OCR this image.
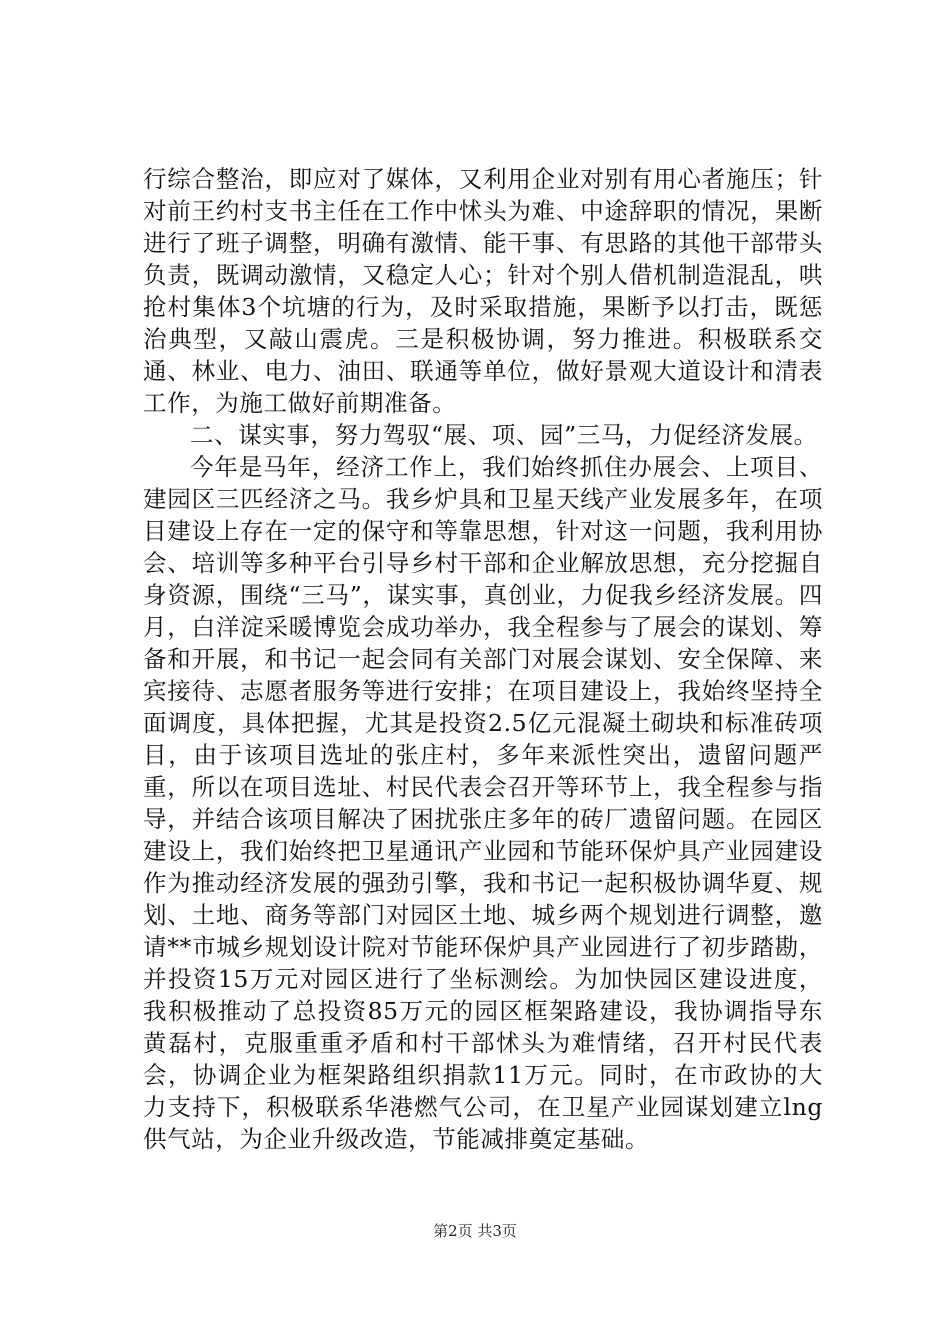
行综合整治，即应对了媒体，又利用企业对别有用心者施压；针对前王约村支书主任在工作中怵头为难、中途辞职的情况，果断进行了班子调整，明确有激情、能干事、有思路的其他干部带头负责，既调动激情，又稳定人心；针对个别人借机制造混乱，哄抢村集体3个坑塘的行为，及时采取措施，果断予以打击，既惩治典型，又敲山震虎。三是积极协调，努力推进。积极联系交通、林业、电力、油田、联通等单位，做好景观大道设计和清表工作，为施工做好前期准备。

二、谋实事，努力驾驭“展、项、园”三马，力促经济发展。

今年是马年，经济工作上，我们始终抓住办展会、上项目、建园区三匹经济之马。我乡炉具和卫星天线产业发展多年，在项目建设上存在一定的保守和等靠思想，针对这一问题，我利用协会、培训等多种平台引导乡村干部和企业解放思想，充分挖掘自身资源，围绕“三马”，谋实事，真创业，力促我乡经济发展。四月，白洋淀采暖博览会成功举办，我全程参与了展会的谋划、筹备和开展，和书记一起会同有关部门对展会谋划、安全保障、来宾接待、志愿者服务等进行安排；在项目建设上，我始终坚持全面调度，具体把握，尤其是投资2.5亿元混凝土砌块和标准砖项目，由于该项目选址的张庄村，多年来派性突出，遗留问题严重，所以在项目选址、村民代表会召开等环节上，我全程参与指导，并结合该项目解决了困扰张庄多年的砖厂遗留问题。在园区建设上，我们始终把卫星通讯产业园和节能环保炉具产业园建设作为推动经济发展的强劲引擎，我和书记一起积极协调华夏、规划、土地、商务等部门对园区土地、城乡两个规划进行调整，邀请**市城乡规划设计院对节能环保炉具产业园进行了初步踏勘，并投资15万元对园区进行了坐标测绘。为加快园区建设进度，我积极推动了总投资85万元的园区框架路建设，我协调指导东黄磊村，克服重重矛盾和村干部怵头为难情绪，召开村民代表会，协调企业为框架路组织捐款11万元。同时，在市政协的大力支持下，积极联系华港燃气公司，在卫星产业园谋划建立lng供气站，为企业升级改造，节能减排奠定基础。

第2页 共3页
